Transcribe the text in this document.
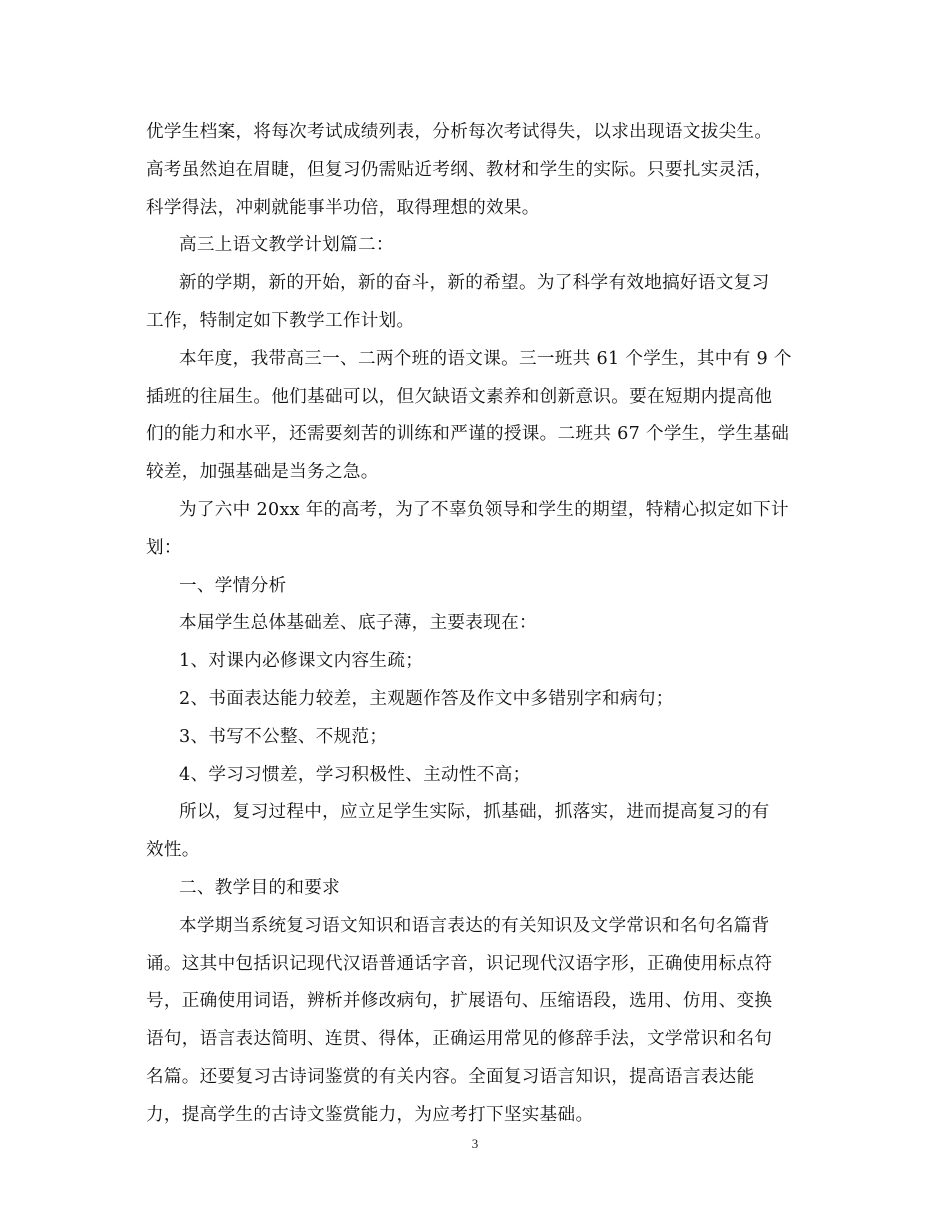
优学生档案，将每次考试成绩列表，分析每次考试得失，以求出现语文拔尖生。
高考虽然迫在眉睫，但复习仍需贴近考纲、教材和学生的实际。只要扎实灵活，
科学得法，冲刺就能事半功倍，取得理想的效果。
高三上语文教学计划篇二：
新的学期，新的开始，新的奋斗，新的希望。为了科学有效地搞好语文复习
工作，特制定如下教学工作计划。
本年度，我带高三一、二两个班的语文课。三一班共 61 个学生，其中有 9 个
插班的往届生。他们基础可以，但欠缺语文素养和创新意识。要在短期内提高他
们的能力和水平，还需要刻苦的训练和严谨的授课。二班共 67 个学生，学生基础
较差，加强基础是当务之急。
为了六中 20xx 年的高考，为了不辜负领导和学生的期望，特精心拟定如下计
划：
一、学情分析
本届学生总体基础差、底子薄，主要表现在：
1、对课内必修课文内容生疏；
2、书面表达能力较差，主观题作答及作文中多错别字和病句；
3、书写不公整、不规范；
4、学习习惯差，学习积极性、主动性不高；
所以，复习过程中，应立足学生实际，抓基础，抓落实，进而提高复习的有
效性。
二、教学目的和要求
本学期当系统复习语文知识和语言表达的有关知识及文学常识和名句名篇背
诵。这其中包括识记现代汉语普通话字音，识记现代汉语字形，正确使用标点符
号，正确使用词语，辨析并修改病句，扩展语句、压缩语段，选用、仿用、变换
语句，语言表达简明、连贯、得体，正确运用常见的修辞手法，文学常识和名句
名篇。还要复习古诗词鉴赏的有关内容。全面复习语言知识，提高语言表达能
力，提高学生的古诗文鉴赏能力，为应考打下坚实基础。
3
